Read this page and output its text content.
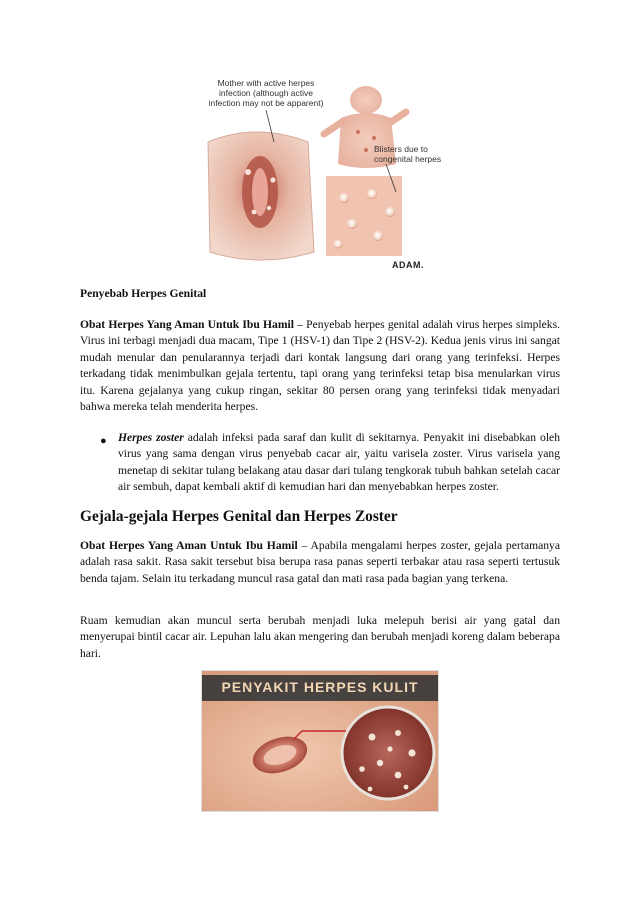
Mother with active herpes infection (although active infection may not be apparent)
Blisters due to congenital herpes
ADAM.
Penyebab Herpes Genital
Obat Herpes Yang Aman Untuk Ibu Hamil – Penyebab herpes genital adalah virus herpes simpleks. Virus ini terbagi menjadi dua macam, Tipe 1 (HSV-1) dan Tipe 2 (HSV-2). Kedua jenis virus ini sangat mudah menular dan penularannya terjadi dari kontak langsung dari orang yang terinfeksi. Herpes terkadang tidak menimbulkan gejala tertentu, tapi orang yang terinfeksi tetap bisa menularkan virus itu. Karena gejalanya yang cukup ringan, sekitar 80 persen orang yang terinfeksi tidak menyadari bahwa mereka telah menderita herpes.
● Herpes zoster adalah infeksi pada saraf dan kulit di sekitarnya. Penyakit ini disebabkan oleh virus yang sama dengan virus penyebab cacar air, yaitu varisela zoster. Virus varisela yang menetap di sekitar tulang belakang atau dasar dari tulang tengkorak tubuh bahkan setelah cacar air sembuh, dapat kembali aktif di kemudian hari dan menyebabkan herpes zoster.
Gejala-gejala Herpes Genital dan Herpes Zoster
Obat Herpes Yang Aman Untuk Ibu Hamil – Apabila mengalami herpes zoster, gejala pertamanya adalah rasa sakit. Rasa sakit tersebut bisa berupa rasa panas seperti terbakar atau rasa seperti tertusuk benda tajam. Selain itu terkadang muncul rasa gatal dan mati rasa pada bagian yang terkena.
Ruam kemudian akan muncul serta berubah menjadi luka melepuh berisi air yang gatal dan menyerupai bintil cacar air. Lepuhan lalu akan mengering dan berubah menjadi koreng dalam beberapa hari.
PENYAKIT HERPES KULIT
